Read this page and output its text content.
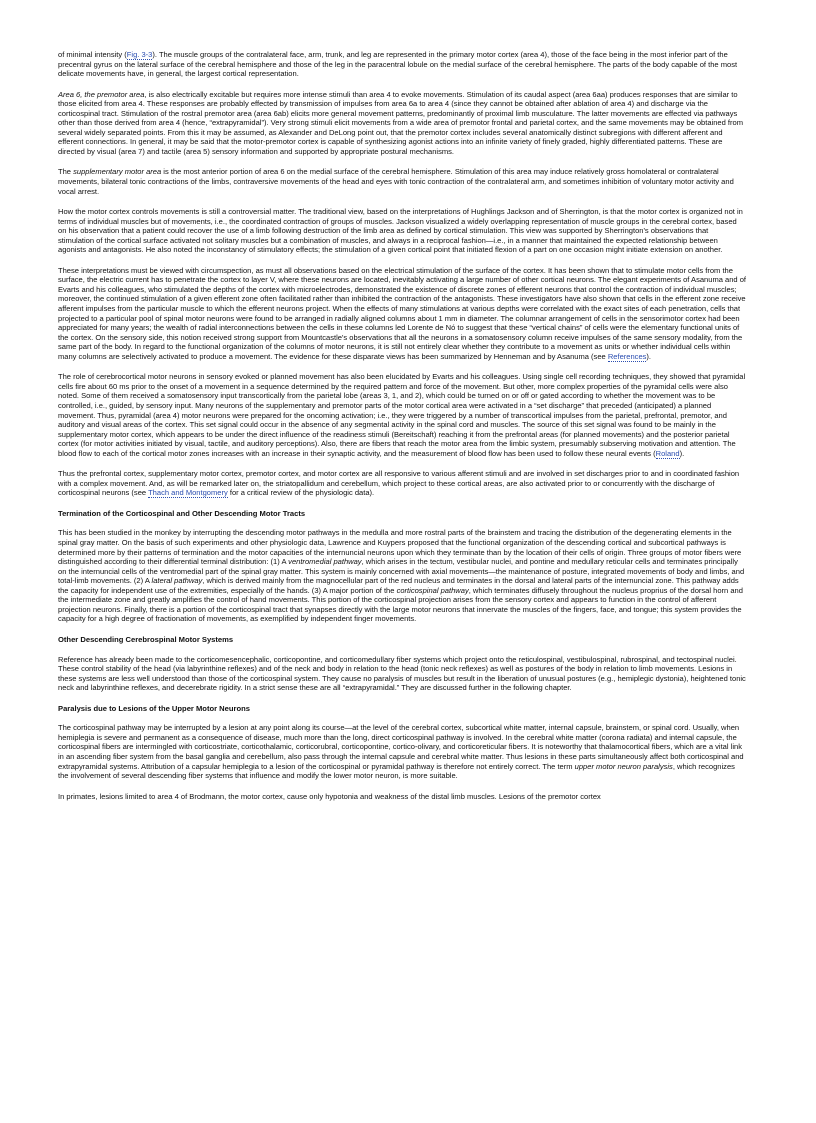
of minimal intensity (Fig. 3-3). The muscle groups of the contralateral face, arm, trunk, and leg are represented in the primary motor cortex (area 4), those of the face being in the most inferior part of the precentral gyrus on the lateral surface of the cerebral hemisphere and those of the leg in the paracentral lobule on the medial surface of the cerebral hemisphere. The parts of the body capable of the most delicate movements have, in general, the largest cortical representation.

Area 6, the premotor area, is also electrically excitable but requires more intense stimuli than area 4 to evoke movements. Stimulation of its caudal aspect (area 6aa) produces responses that are similar to those elicited from area 4. These responses are probably effected by transmission of impulses from area 6a to area 4 (since they cannot be obtained after ablation of area 4) and discharge via the corticospinal tract. Stimulation of the rostral premotor area (area 6ab) elicits more general movement patterns, predominantly of proximal limb musculature. The latter movements are effected via pathways other than those derived from area 4 (hence, “extrapyramidal”). Very strong stimuli elicit movements from a wide area of premotor frontal and parietal cortex, and the same movements may be obtained from several widely separated points. From this it may be assumed, as Alexander and DeLong point out, that the premotor cortex includes several anatomically distinct subregions with different afferent and efferent connections. In general, it may be said that the motor-premotor cortex is capable of synthesizing agonist actions into an infinite variety of finely graded, highly differentiated patterns. These are directed by visual (area 7) and tactile (area 5) sensory information and supported by appropriate postural mechanisms.

The supplementary motor area is the most anterior portion of area 6 on the medial surface of the cerebral hemisphere. Stimulation of this area may induce relatively gross homolateral or contralateral movements, bilateral tonic contractions of the limbs, contraversive movements of the head and eyes with tonic contraction of the contralateral arm, and sometimes inhibition of voluntary motor activity and vocal arrest.

How the motor cortex controls movements is still a controversial matter. The traditional view, based on the interpretations of Hughlings Jackson and of Sherrington, is that the motor cortex is organized not in terms of individual muscles but of movements, i.e., the coordinated contraction of groups of muscles. Jackson visualized a widely overlapping representation of muscle groups in the cerebral cortex, based on his observation that a patient could recover the use of a limb following destruction of the limb area as defined by cortical stimulation. This view was supported by Sherrington's observations that stimulation of the cortical surface activated not solitary muscles but a combination of muscles, and always in a reciprocal fashion—i.e., in a manner that maintained the expected relationship between agonists and antagonists. He also noted the inconstancy of stimulatory effects; the stimulation of a given cortical point that initiated flexion of a part on one occasion might initiate extension on another.

These interpretations must be viewed with circumspection, as must all observations based on the electrical stimulation of the surface of the cortex. It has been shown that to stimulate motor cells from the surface, the electric current has to penetrate the cortex to layer V, where these neurons are located, inevitably activating a large number of other cortical neurons. The elegant experiments of Asanuma and of Evarts and his colleagues, who stimulated the depths of the cortex with microelectrodes, demonstrated the existence of discrete zones of efferent neurons that control the contraction of individual muscles; moreover, the continued stimulation of a given efferent zone often facilitated rather than inhibited the contraction of the antagonists. These investigators have also shown that cells in the efferent zone receive afferent impulses from the particular muscle to which the efferent neurons project. When the effects of many stimulations at various depths were correlated with the exact sites of each penetration, cells that projected to a particular pool of spinal motor neurons were found to be arranged in radially aligned columns about 1 mm in diameter. The columnar arrangement of cells in the sensorimotor cortex had been appreciated for many years; the wealth of radial interconnections between the cells in these columns led Lorente de Nó to suggest that these “vertical chains” of cells were the elementary functional units of the cortex. On the sensory side, this notion received strong support from Mountcastle's observations that all the neurons in a somatosensory column receive impulses of the same sensory modality, from the same part of the body. In regard to the functional organization of the columns of motor neurons, it is still not entirely clear whether they contribute to a movement as units or whether individual cells within many columns are selectively activated to produce a movement. The evidence for these disparate views has been summarized by Henneman and by Asanuma (see References).

The role of cerebrocortical motor neurons in sensory evoked or planned movement has also been elucidated by Evarts and his colleagues. Using single cell recording techniques, they showed that pyramidal cells fire about 60 ms prior to the onset of a movement in a sequence determined by the required pattern and force of the movement. But other, more complex properties of the pyramidal cells were also noted. Some of them received a somatosensory input transcortically from the parietal lobe (areas 3, 1, and 2), which could be turned on or off or gated according to whether the movement was to be controlled, i.e., guided, by sensory input. Many neurons of the supplementary and premotor parts of the motor cortical area were activated in a “set discharge” that preceded (anticipated) a planned movement. Thus, pyramidal (area 4) motor neurons were prepared for the oncoming activation; i.e., they were triggered by a number of transcortical impulses from the parietal, prefrontal, premotor, and auditory and visual areas of the cortex. This set signal could occur in the absence of any segmental activity in the spinal cord and muscles. The source of this set signal was found to be mainly in the supplementary motor cortex, which appears to be under the direct influence of the readiness stimuli (Bereitschaft) reaching it from the prefrontal areas (for planned movements) and the posterior parietal cortex (for motor activities initiated by visual, tactile, and auditory perceptions). Also, there are fibers that reach the motor area from the limbic system, presumably subserving motivation and attention. The blood flow to each of the cortical motor zones increases with an increase in their synaptic activity, and the measurement of blood flow has been used to follow these neural events (Roland).

Thus the prefrontal cortex, supplementary motor cortex, premotor cortex, and motor cortex are all responsive to various afferent stimuli and are involved in set discharges prior to and in coordinated fashion with a complex movement. And, as will be remarked later on, the striatopallidum and cerebellum, which project to these cortical areas, are also activated prior to or concurrently with the discharge of corticospinal neurons (see Thach and Montgomery for a critical review of the physiologic data).

Termination of the Corticospinal and Other Descending Motor Tracts

This has been studied in the monkey by interrupting the descending motor pathways in the medulla and more rostral parts of the brainstem and tracing the distribution of the degenerating elements in the spinal gray matter. On the basis of such experiments and other physiologic data, Lawrence and Kuypers proposed that the functional organization of the descending cortical and subcortical pathways is determined more by their patterns of termination and the motor capacities of the internuncial neurons upon which they terminate than by the location of their cells of origin. Three groups of motor fibers were distinguished according to their differential terminal distribution: (1) A ventromedial pathway, which arises in the tectum, vestibular nuclei, and pontine and medullary reticular cells and terminates principally on the internuncial cells of the ventromedial part of the spinal gray matter. This system is mainly concerned with axial movements—the maintenance of posture, integrated movements of body and limbs, and total-limb movements. (2) A lateral pathway, which is derived mainly from the magnocellular part of the red nucleus and terminates in the dorsal and lateral parts of the internuncial zone. This pathway adds the capacity for independent use of the extremities, especially of the hands. (3) A major portion of the corticospinal pathway, which terminates diffusely throughout the nucleus proprius of the dorsal horn and the intermediate zone and greatly amplifies the control of hand movements. This portion of the corticospinal projection arises from the sensory cortex and appears to function in the control of afferent projection neurons. Finally, there is a portion of the corticospinal tract that synapses directly with the large motor neurons that innervate the muscles of the fingers, face, and tongue; this system provides the capacity for a high degree of fractionation of movements, as exemplified by independent finger movements.

Other Descending Cerebrospinal Motor Systems

Reference has already been made to the corticomesencephalic, corticopontine, and corticomedullary fiber systems which project onto the reticulospinal, vestibulospinal, rubrospinal, and tectospinal nuclei. These control stability of the head (via labyrinthine reflexes) and of the neck and body in relation to the head (tonic neck reflexes) as well as postures of the body in relation to limb movements. Lesions in these systems are less well understood than those of the corticospinal system. They cause no paralysis of muscles but result in the liberation of unusual postures (e.g., hemiplegic dystonia), heightened tonic neck and labyrinthine reflexes, and decerebrate rigidity. In a strict sense these are all “extrapyramidal.” They are discussed further in the following chapter.

Paralysis due to Lesions of the Upper Motor Neurons

The corticospinal pathway may be interrupted by a lesion at any point along its course—at the level of the cerebral cortex, subcortical white matter, internal capsule, brainstem, or spinal cord. Usually, when hemiplegia is severe and permanent as a consequence of disease, much more than the long, direct corticospinal pathway is involved. In the cerebral white matter (corona radiata) and internal capsule, the corticospinal fibers are intermingled with corticostriate, corticothalamic, corticorubral, corticopontine, cortico-olivary, and corticoreticular fibers. It is noteworthy that thalamocortical fibers, which are a vital link in an ascending fiber system from the basal ganglia and cerebellum, also pass through the internal capsule and cerebral white matter. Thus lesions in these parts simultaneously affect both corticospinal and extrapyramidal systems. Attribution of a capsular hemiplegia to a lesion of the corticospinal or pyramidal pathway is therefore not entirely correct. The term upper motor neuron paralysis, which recognizes the involvement of several descending fiber systems that influence and modify the lower motor neuron, is more suitable.

In primates, lesions limited to area 4 of Brodmann, the motor cortex, cause only hypotonia and weakness of the distal limb muscles. Lesions of the premotor cortex
